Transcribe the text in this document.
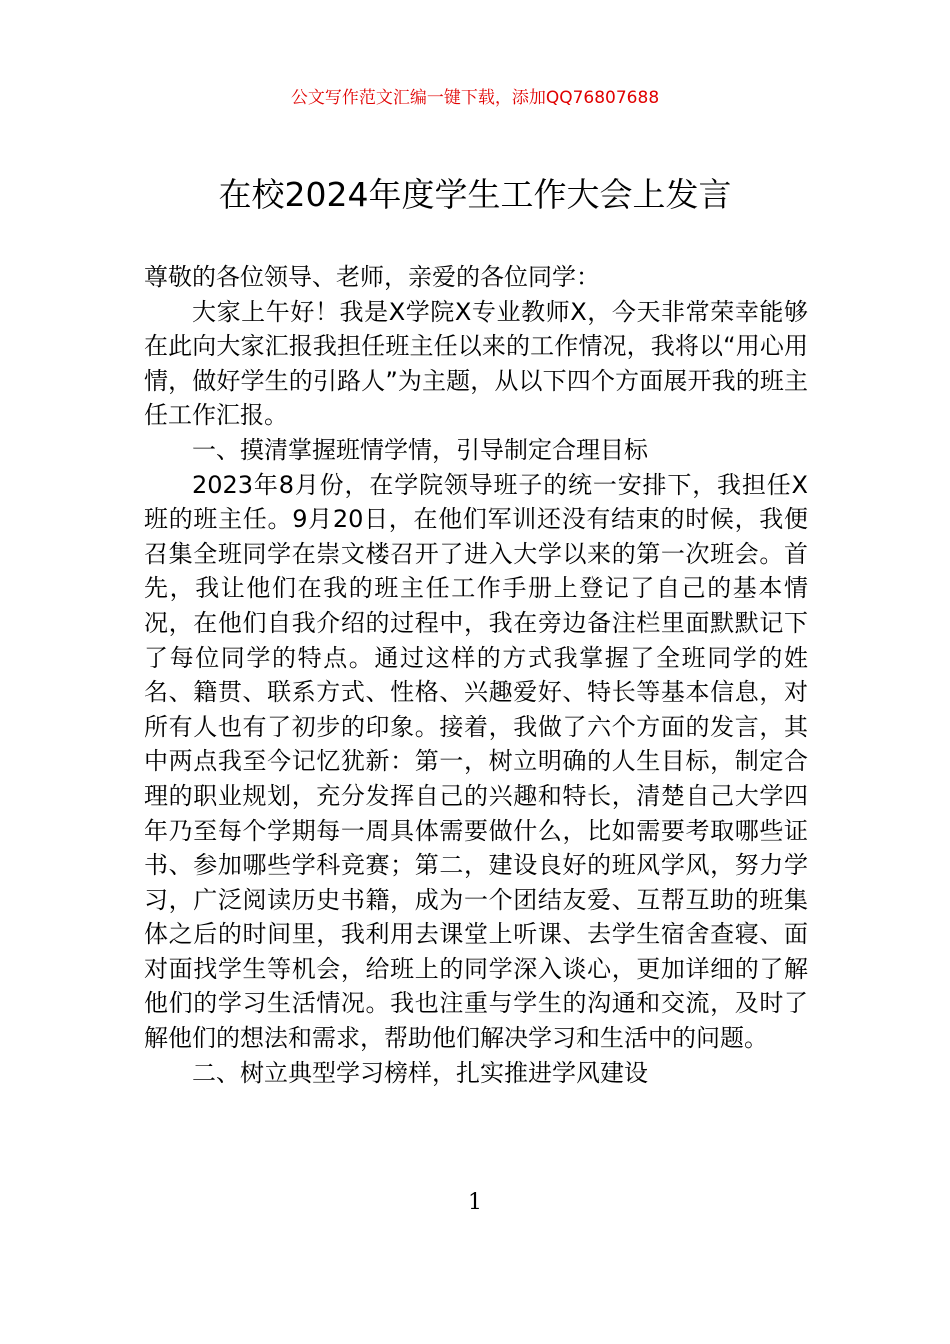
公文写作范文汇编一键下载，添加QQ76807688
在校2024年度学生工作大会上发言

尊敬的各位领导、老师，亲爱的各位同学：

大家上午好！我是X学院X专业教师X，今天非常荣幸能够在此向大家汇报我担任班主任以来的工作情况，我将以“用心用情，做好学生的引路人”为主题，从以下四个方面展开我的班主任工作汇报。

一、摸清掌握班情学情，引导制定合理目标

2023年8月份，在学院领导班子的统一安排下，我担任X班的班主任。9月20日，在他们军训还没有结束的时候，我便召集全班同学在崇文楼召开了进入大学以来的第一次班会。首先，我让他们在我的班主任工作手册上登记了自己的基本情况，在他们自我介绍的过程中，我在旁边备注栏里面默默记下了每位同学的特点。通过这样的方式我掌握了全班同学的姓名、籍贯、联系方式、性格、兴趣爱好、特长等基本信息，对所有人也有了初步的印象。接着，我做了六个方面的发言，其中两点我至今记忆犹新：第一，树立明确的人生目标，制定合理的职业规划，充分发挥自己的兴趣和特长，清楚自己大学四年乃至每个学期每一周具体需要做什么，比如需要考取哪些证书、参加哪些学科竞赛；第二，建设良好的班风学风，努力学习，广泛阅读历史书籍，成为一个团结友爱、互帮互助的班集体之后的时间里，我利用去课堂上听课、去学生宿舍查寝、面对面找学生等机会，给班上的同学深入谈心，更加详细的了解他们的学习生活情况。我也注重与学生的沟通和交流，及时了解他们的想法和需求，帮助他们解决学习和生活中的问题。

二、树立典型学习榜样，扎实推进学风建设

1
